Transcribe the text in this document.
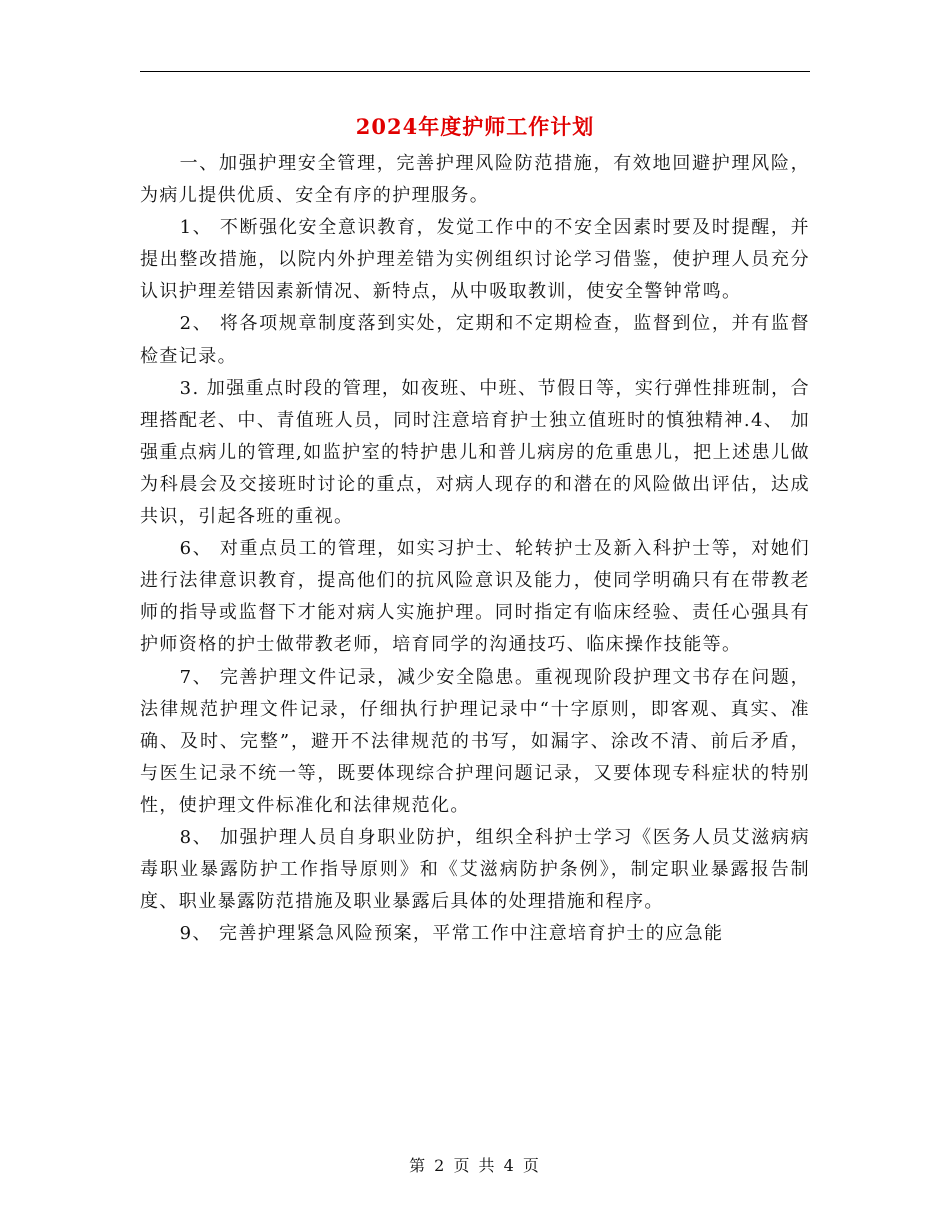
2024年度护师工作计划

一、加强护理安全管理，完善护理风险防范措施，有效地回避护理风险，为病儿提供优质、安全有序的护理服务。

1、 不断强化安全意识教育，发觉工作中的不安全因素时要及时提醒，并提出整改措施，以院内外护理差错为实例组织讨论学习借鉴，使护理人员充分认识护理差错因素新情况、新特点，从中吸取教训，使安全警钟常鸣。

2、 将各项规章制度落到实处，定期和不定期检查，监督到位，并有监督检查记录。

3. 加强重点时段的管理，如夜班、中班、节假日等，实行弹性排班制，合理搭配老、中、青值班人员，同时注意培育护士独立值班时的慎独精神.4、 加强重点病儿的管理,如监护室的特护患儿和普儿病房的危重患儿，把上述患儿做为科晨会及交接班时讨论的重点，对病人现存的和潜在的风险做出评估，达成共识，引起各班的重视。

6、 对重点员工的管理，如实习护士、轮转护士及新入科护士等，对她们进行法律意识教育，提高他们的抗风险意识及能力，使同学明确只有在带教老师的指导或监督下才能对病人实施护理。同时指定有临床经验、责任心强具有护师资格的护士做带教老师，培育同学的沟通技巧、临床操作技能等。

7、 完善护理文件记录，减少安全隐患。重视现阶段护理文书存在问题，法律规范护理文件记录，仔细执行护理记录中“十字原则，即客观、真实、准确、及时、完整”，避开不法律规范的书写，如漏字、涂改不清、前后矛盾，与医生记录不统一等，既要体现综合护理问题记录，又要体现专科症状的特别性，使护理文件标准化和法律规范化。

8、 加强护理人员自身职业防护，组织全科护士学习《医务人员艾滋病病毒职业暴露防护工作指导原则》和《艾滋病防护条例》，制定职业暴露报告制度、职业暴露防范措施及职业暴露后具体的处理措施和程序。

9、 完善护理紧急风险预案，平常工作中注意培育护士的应急能

第 2 页 共 4 页
